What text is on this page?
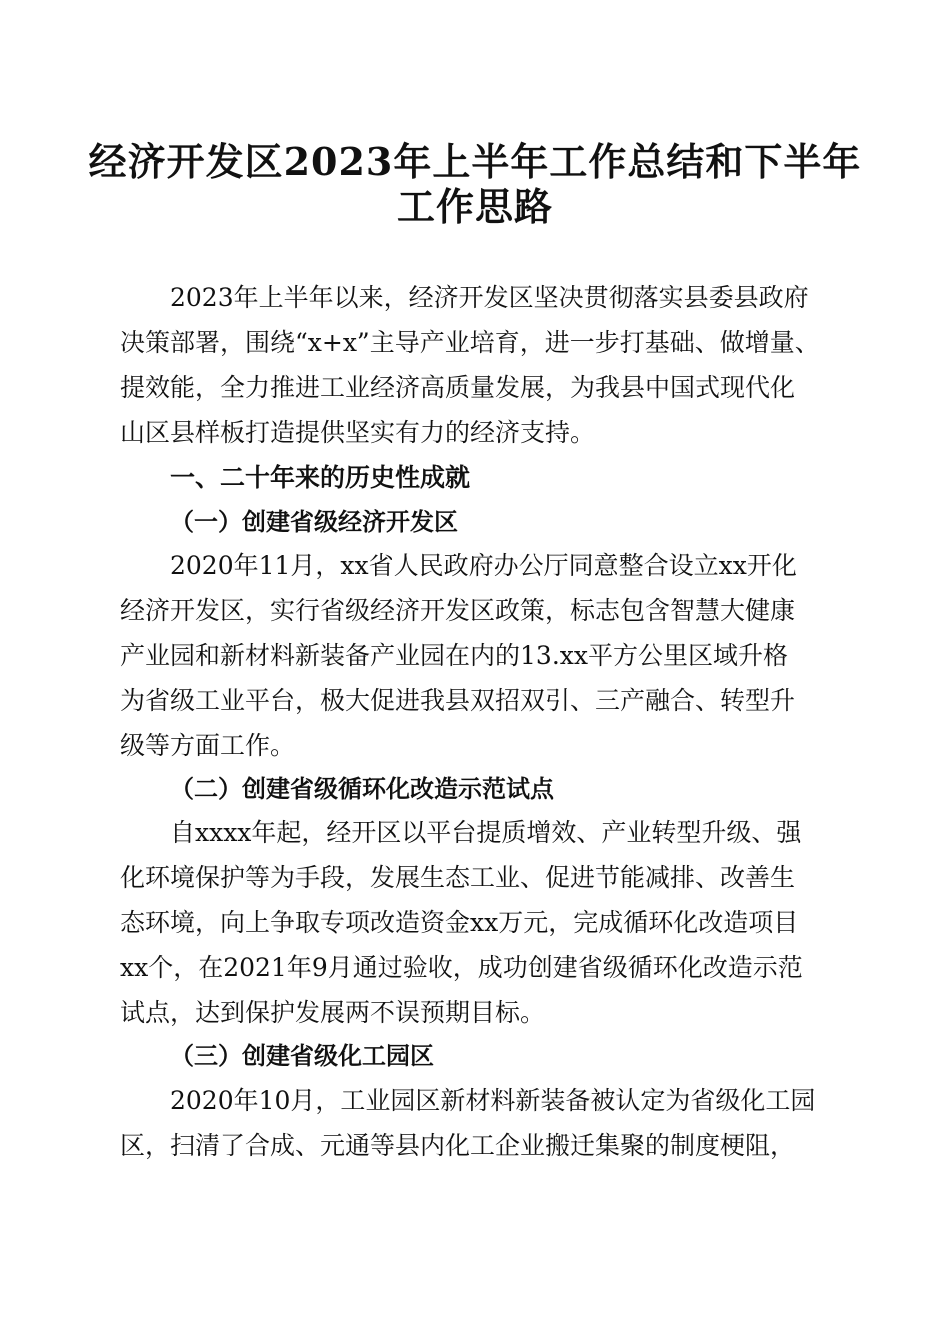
经济开发区2023年上半年工作总结和下半年
工作思路
2023年上半年以来，经济开发区坚决贯彻落实县委县政府
决策部署，围绕“x+x”主导产业培育，进一步打基础、做增量、
提效能，全力推进工业经济高质量发展，为我县中国式现代化
山区县样板打造提供坚实有力的经济支持。
一、二十年来的历史性成就
（一）创建省级经济开发区
2020年11月，xx省人民政府办公厅同意整合设立xx开化
经济开发区，实行省级经济开发区政策，标志包含智慧大健康
产业园和新材料新装备产业园在内的13.xx平方公里区域升格
为省级工业平台，极大促进我县双招双引、三产融合、转型升
级等方面工作。
（二）创建省级循环化改造示范试点
自xxxx年起，经开区以平台提质增效、产业转型升级、强
化环境保护等为手段，发展生态工业、促进节能减排、改善生
态环境，向上争取专项改造资金xx万元，完成循环化改造项目
xx个，在2021年9月通过验收，成功创建省级循环化改造示范
试点，达到保护发展两不误预期目标。
（三）创建省级化工园区
2020年10月，工业园区新材料新装备被认定为省级化工园
区，扫清了合成、元通等县内化工企业搬迁集聚的制度梗阻，
